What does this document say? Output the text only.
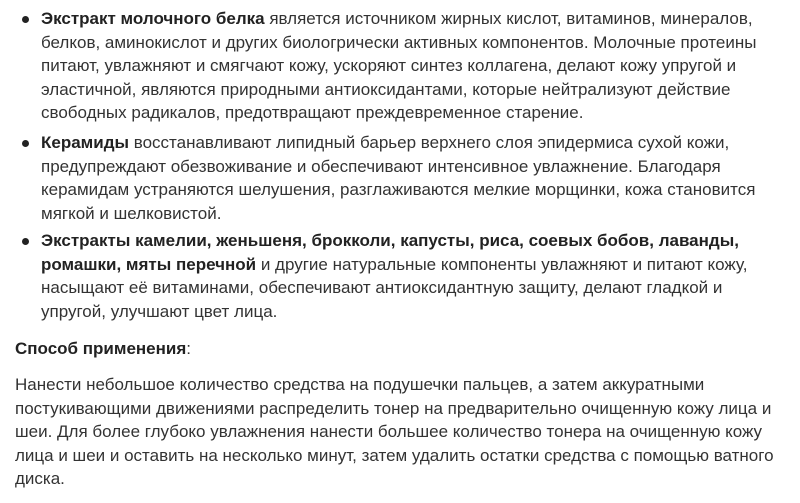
Экстракт молочного белка является источником жирных кислот, витаминов, минералов, белков, аминокислот и других биологрически активных компонентов. Молочные протеины питают, увлажняют и смягчают кожу, ускоряют синтез коллагена, делают кожу упругой и эластичной, являются природными антиоксидантами, которые нейтрализуют действие свободных радикалов, предотвращают преждевременное старение.
Керамиды восстанавливают липидный барьер верхнего слоя эпидермиса сухой кожи, предупреждают обезвоживание и обеспечивают интенсивное увлажнение. Благодаря керамидам устраняются шелушения, разглаживаются мелкие морщинки, кожа становится мягкой и шелковистой.
Экстракты камелии, женьшеня, брокколи, капусты, риса, соевых бобов, лаванды, ромашки, мяты перечной и другие натуральные компоненты увлажняют и питают кожу, насыщают её витаминами, обеспечивают антиоксидантную защиту, делают гладкой и упругой, улучшают цвет лица.

Способ применения:

Нанести небольшое количество средства на подушечки пальцев, а затем аккуратными постукивающими движениями распределить тонер на предварительно очищенную кожу лица и шеи. Для более глубоко увлажнения нанести большее количество тонера на очищенную кожу лица и шеи и оставить на несколько минут, затем удалить остатки средства с помощью ватного диска.
